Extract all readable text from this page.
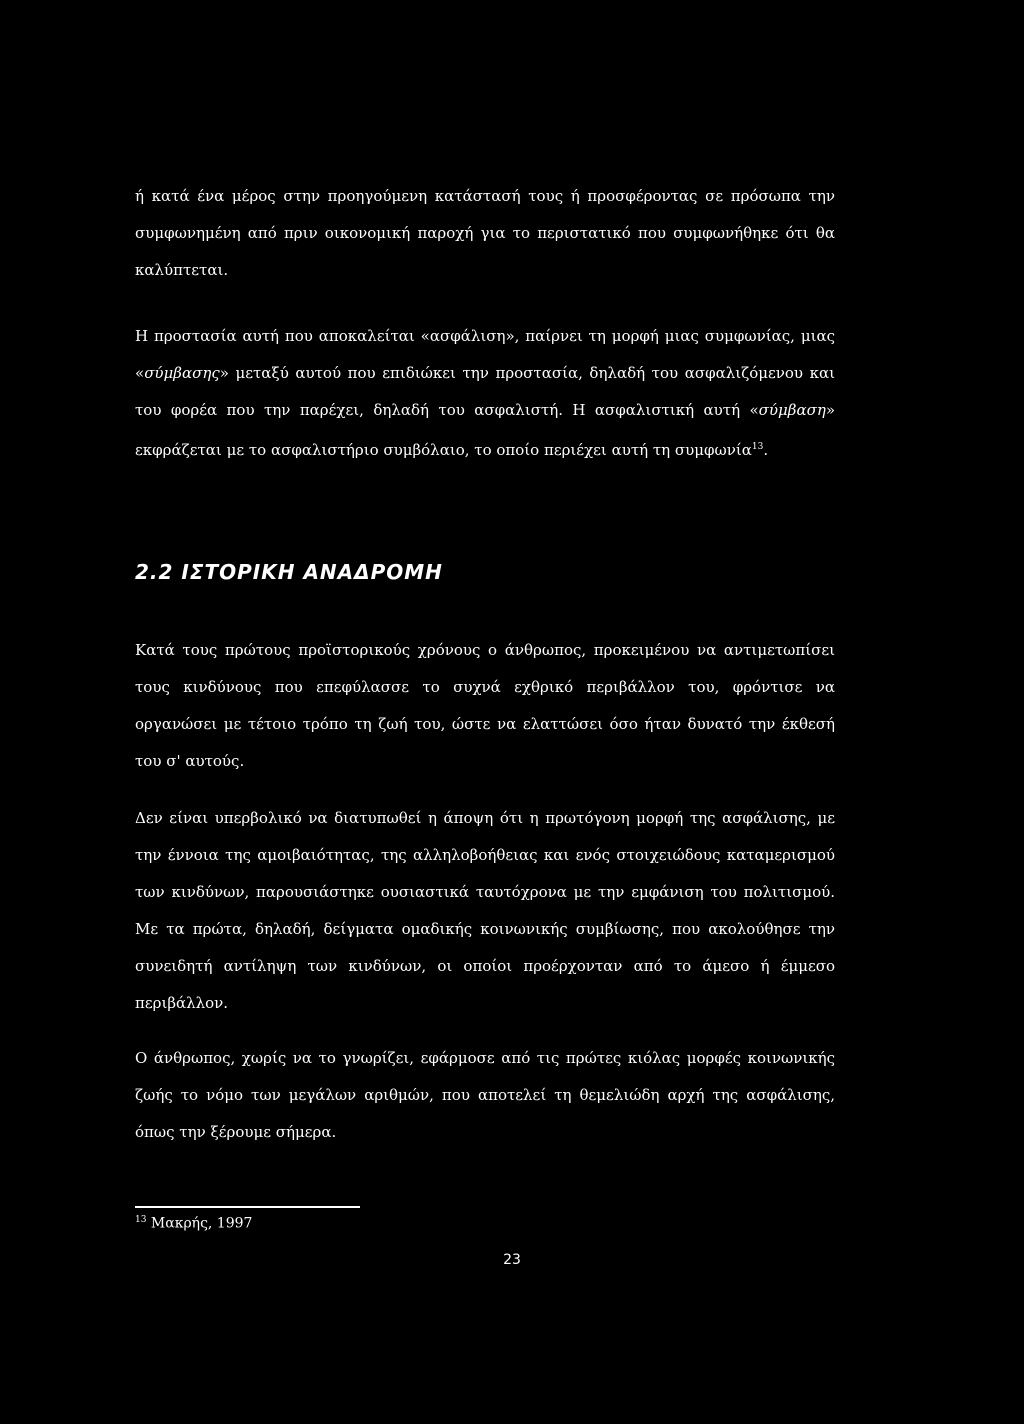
ή κατά ένα μέρος στην προηγούμενη κατάστασή τους ή προσφέροντας σε πρόσωπα την συμφωνημένη από πριν οικονομική παροχή για το περιστατικό που συμφωνήθηκε ότι θα καλύπτεται.

Η προστασία αυτή που αποκαλείται «ασφάλιση», παίρνει τη μορφή μιας συμφωνίας, μιας «σύμβασης» μεταξύ αυτού που επιδιώκει την προστασία, δηλαδή του ασφαλιζόμενου και του φορέα που την παρέχει, δηλαδή του ασφαλιστή. Η ασφαλιστική αυτή «σύμβαση» εκφράζεται με το ασφαλιστήριο συμβόλαιο, το οποίο περιέχει αυτή τη συμφωνία$^{13}$.

2.2 ΙΣΤΟΡΙΚΗ ΑΝΑΔΡΟΜΗ

Κατά τους πρώτους προϊστορικούς χρόνους ο άνθρωπος, προκειμένου να αντιμετωπίσει τους κινδύνους που επεφύλασσε το συχνά εχθρικό περιβάλλον του, φρόντισε να οργανώσει με τέτοιο τρόπο τη ζωή του, ώστε να ελαττώσει όσο ήταν δυνατό την έκθεσή του σ' αυτούς.

Δεν είναι υπερβολικό να διατυπωθεί η άποψη ότι η πρωτόγονη μορφή της ασφάλισης, με την έννοια της αμοιβαιότητας, της αλληλοβοήθειας και ενός στοιχειώδους καταμερισμού των κινδύνων, παρουσιάστηκε ουσιαστικά ταυτόχρονα με την εμφάνιση του πολιτισμού. Με τα πρώτα, δηλαδή, δείγματα ομαδικής κοινωνικής συμβίωσης, που ακολούθησε την συνειδητή αντίληψη των κινδύνων, οι οποίοι προέρχονταν από το άμεσο ή έμμεσο περιβάλλον.

Ο άνθρωπος, χωρίς να το γνωρίζει, εφάρμοσε από τις πρώτες κιόλας μορφές κοινωνικής ζωής το νόμο των μεγάλων αριθμών, που αποτελεί τη θεμελιώδη αρχή της ασφάλισης, όπως την ξέρουμε σήμερα.

$^{13}$ Μακρής, 1997
23
